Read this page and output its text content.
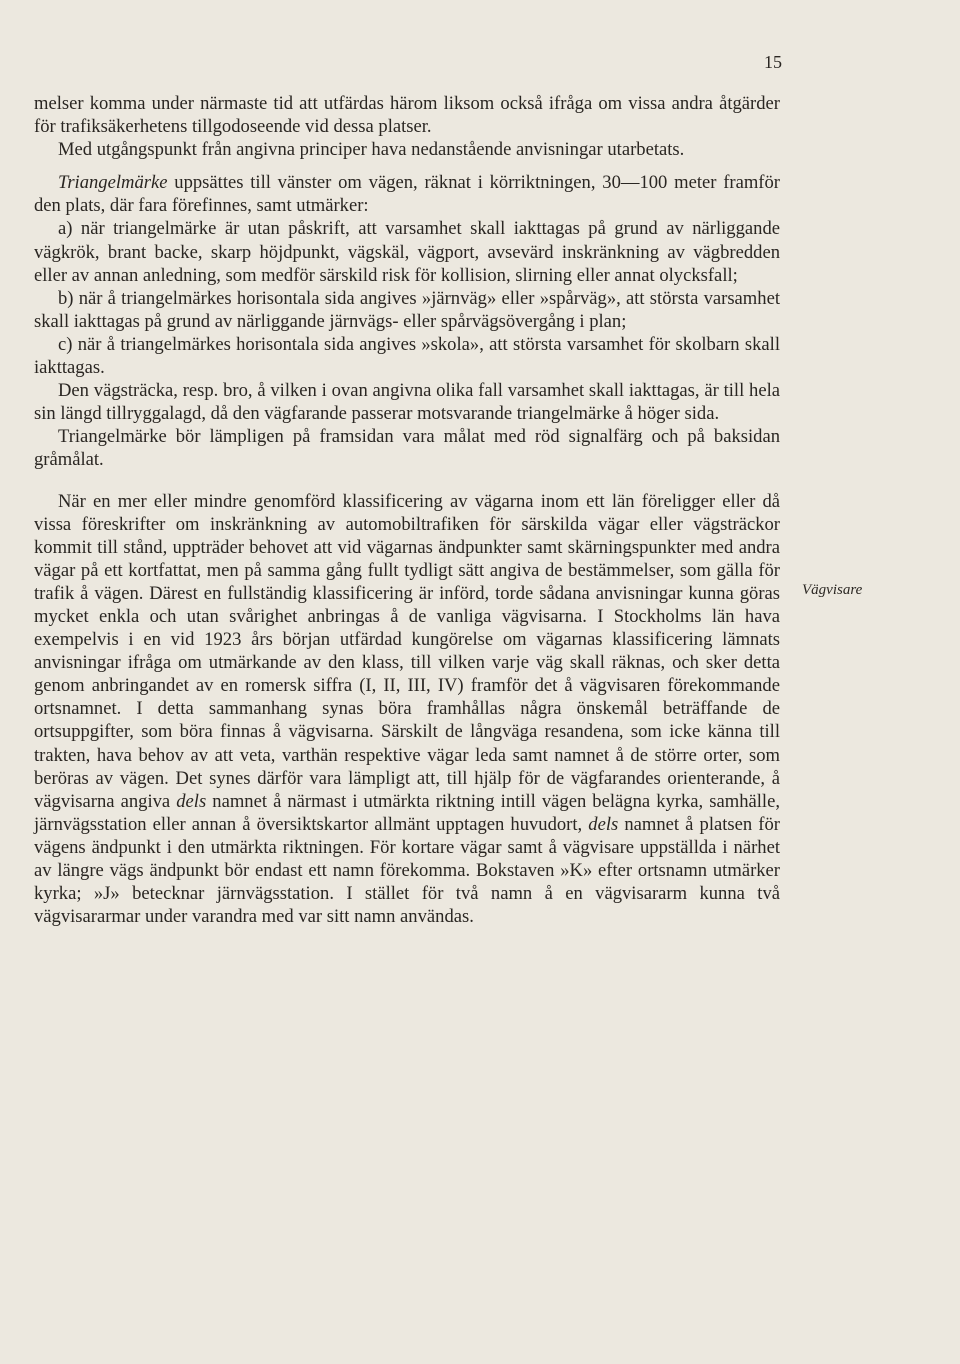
15

melser komma under närmaste tid att utfärdas härom liksom också ifråga om vissa andra åtgärder för trafiksäkerhetens tillgodoseende vid dessa platser.

Med utgångspunkt från angivna principer hava nedanstående anvisningar utarbetats.

Triangelmärke uppsättes till vänster om vägen, räknat i körriktningen, 30—100 meter framför den plats, där fara förefinnes, samt utmärker:

a) när triangelmärke är utan påskrift, att varsamhet skall iakttagas på grund av närliggande vägkrök, brant backe, skarp höjdpunkt, vägskäl, vägport, avsevärd inskränkning av vägbredden eller av annan anledning, som medför särskild risk för kollision, slirning eller annat olycksfall;

b) när å triangelmärkes horisontala sida angives »järnväg» eller »spårväg», att största varsamhet skall iakttagas på grund av närliggande järnvägs- eller spårvägsövergång i plan;

c) när å triangelmärkes horisontala sida angives »skola», att största varsamhet för skolbarn skall iakttagas.

Den vägsträcka, resp. bro, å vilken i ovan angivna olika fall varsamhet skall iakttagas, är till hela sin längd tillryggalagd, då den vägfarande passerar motsvarande triangelmärke å höger sida.

Triangelmärke bör lämpligen på framsidan vara målat med röd signalfärg och på baksidan gråmålat.

När en mer eller mindre genomförd klassificering av vägarna inom ett län föreligger eller då vissa föreskrifter om inskränkning av automobiltrafiken för särskilda vägar eller vägsträckor kommit till stånd, uppträder behovet att vid vägarnas ändpunkter samt skärningspunkter med andra vägar på ett kortfattat, men på samma gång fullt tydligt sätt angiva de bestämmelser, som gälla för trafik å vägen. Därest en fullständig klassificering är införd, torde sådana anvisningar kunna göras mycket enkla och utan svårighet anbringas å de vanliga vägvisarna. I Stockholms län hava exempelvis i en vid 1923 års början utfärdad kungörelse om vägarnas klassificering lämnats anvisningar ifråga om utmärkande av den klass, till vilken varje väg skall räknas, och sker detta genom anbringandet av en romersk siffra (I, II, III, IV) framför det å vägvisaren förekommande ortsnamnet. I detta sammanhang synas böra framhållas några önskemål beträffande de ortsuppgifter, som böra finnas å vägvisarna. Särskilt de långväga resandena, som icke känna till trakten, hava behov av att veta, varthän respektive vägar leda samt namnet å de större orter, som beröras av vägen. Det synes därför vara lämpligt att, till hjälp för de vägfarandes orienterande, å vägvisarna angiva dels namnet å närmast i utmärkta riktning intill vägen belägna kyrka, samhälle, järnvägsstation eller annan å översiktskartor allmänt upptagen huvudort, dels namnet å platsen för vägens ändpunkt i den utmärkta riktningen. För kortare vägar samt å vägvisare uppställda i närhet av längre vägs ändpunkt bör endast ett namn förekomma. Bokstaven »K» efter ortsnamn utmärker kyrka; »J» betecknar järnvägsstation. I stället för två namn å en vägvisararm kunna två vägvisararmar under varandra med var sitt namn användas.

Vägvisare
